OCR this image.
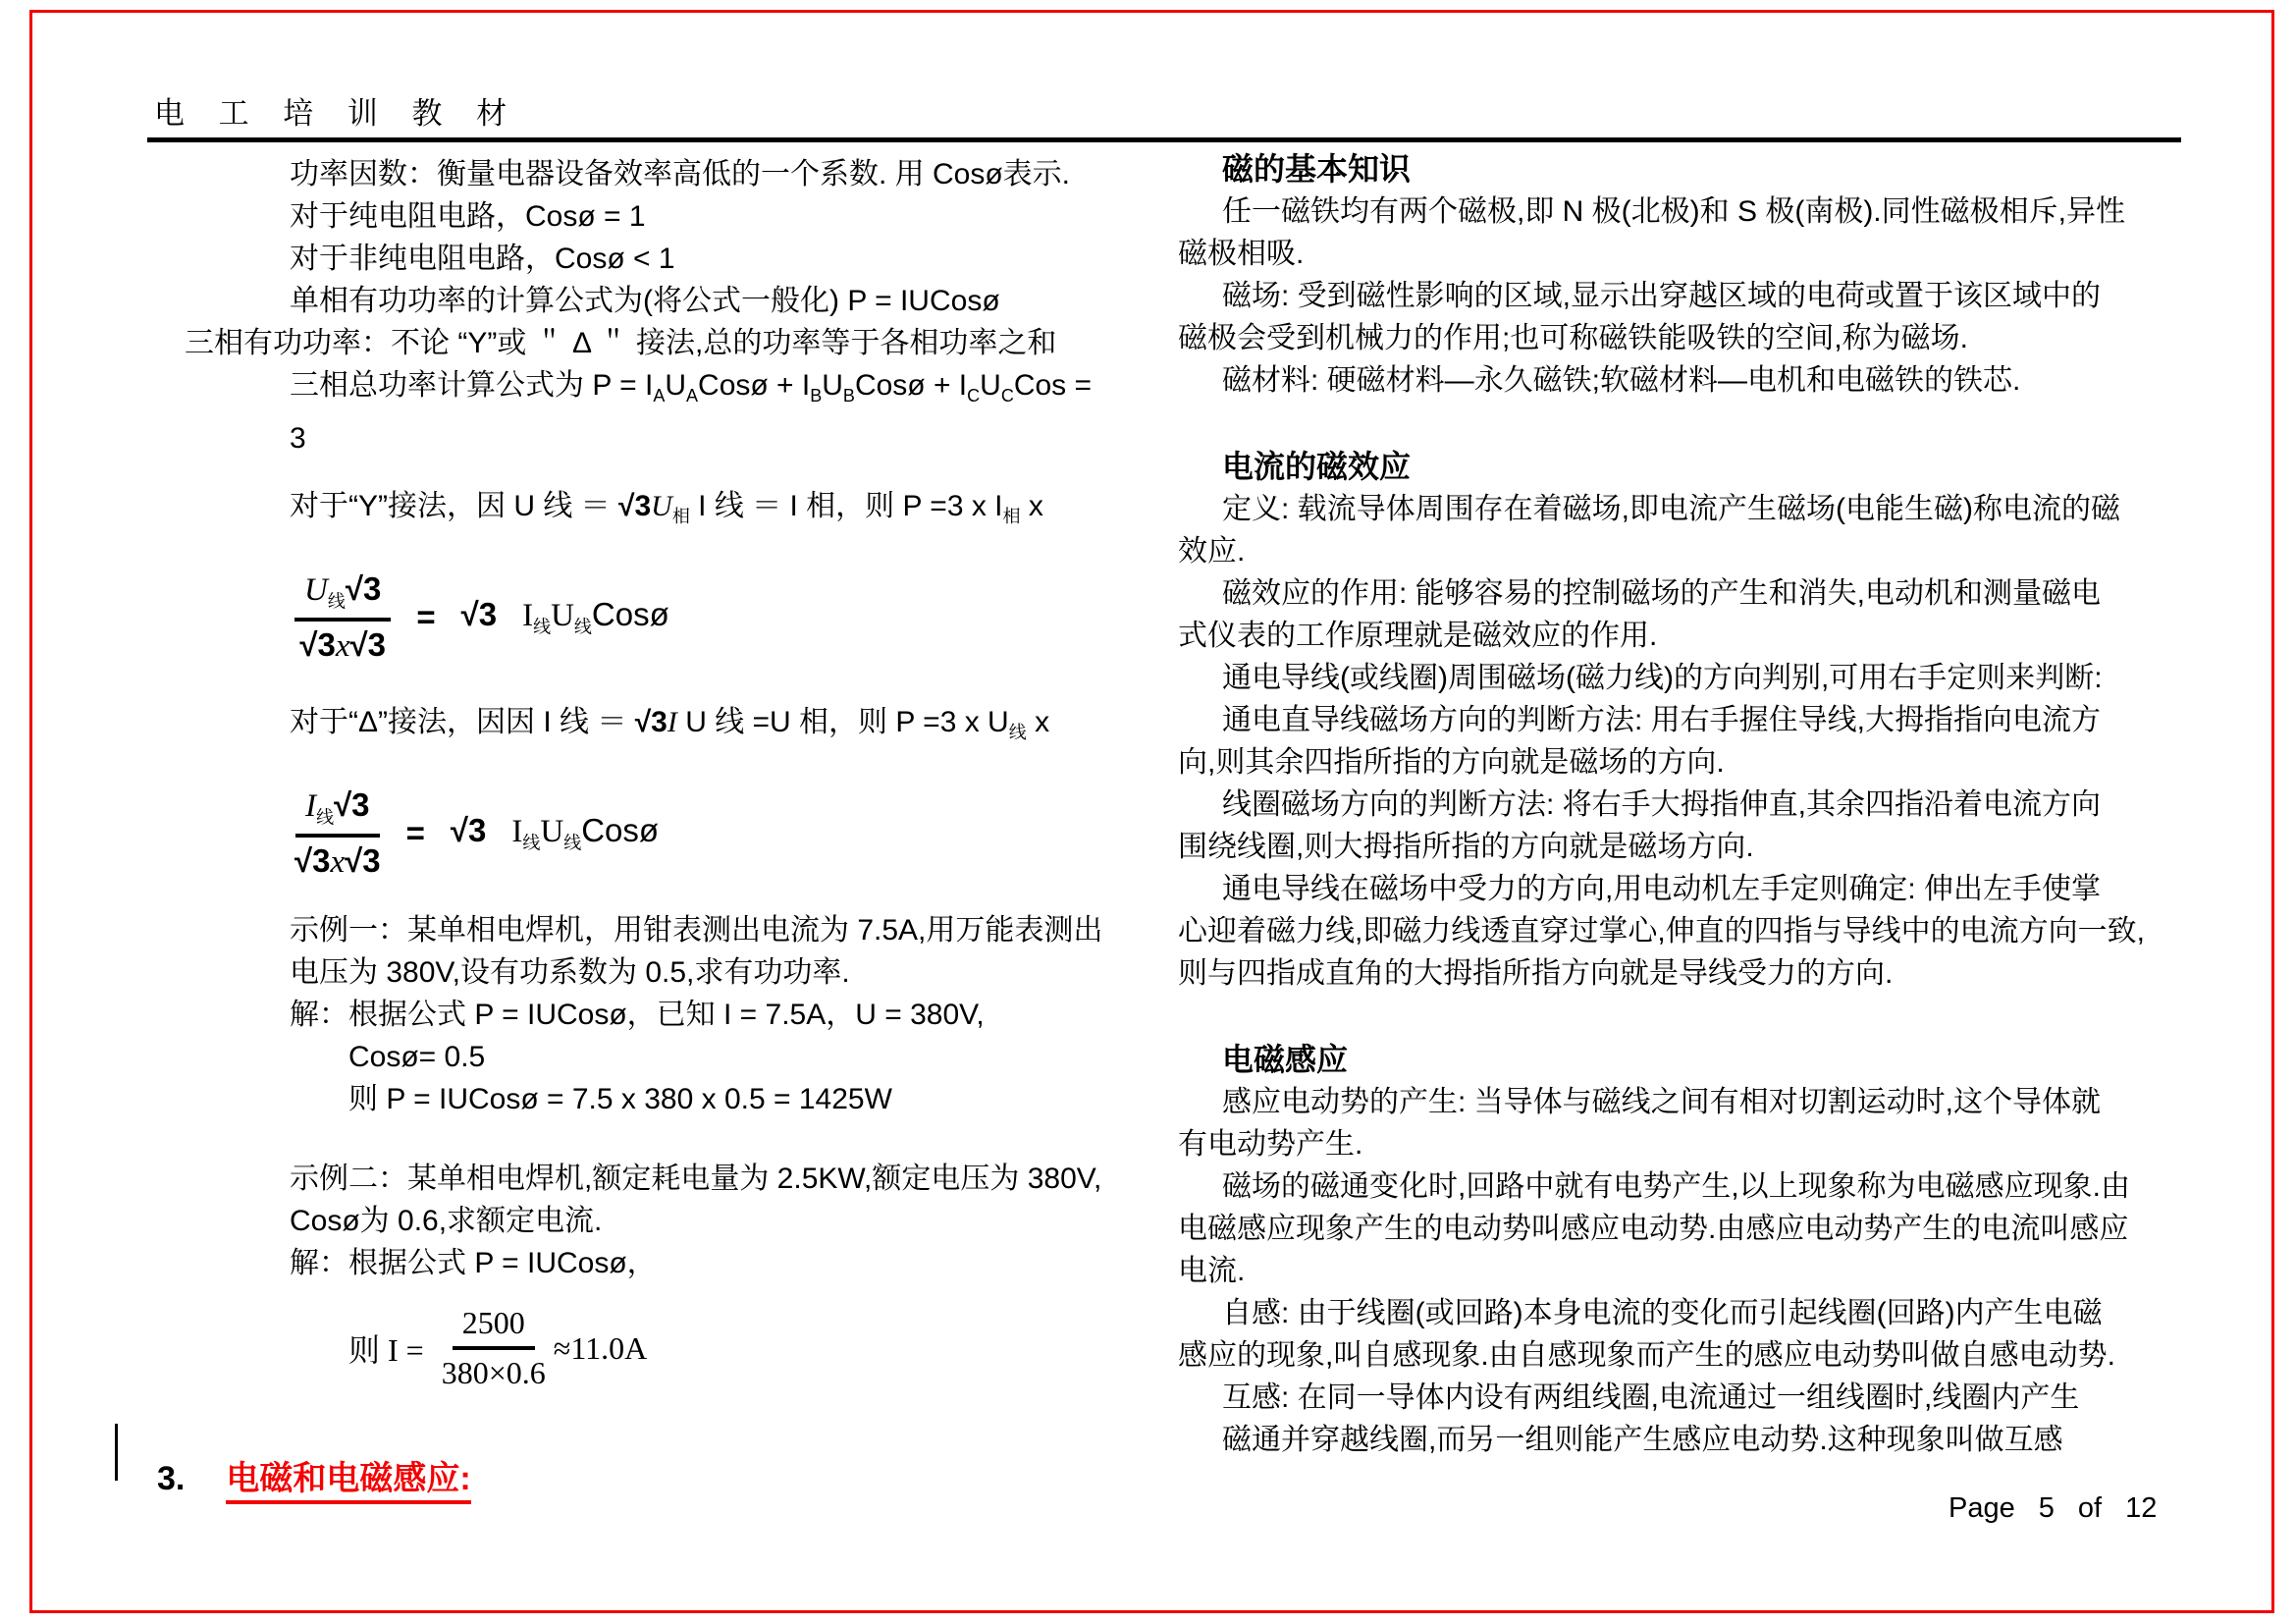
电 工 培 训 教 材
功率因数：衡量电器设备效率高低的一个系数. 用 Cosø表示.
对于纯电阻电路，Cosø = 1
对于非纯电阻电路，Cosø < 1
单相有功功率的计算公式为(将公式一般化) P = IUCosø
三相有功功率：不论 “Y”或 ＂ Δ ＂ 接法,总的功率等于各相功率之和
三相总功率计算公式为 $P = I_AU_ACosø$ + $I_BU_BCosø + I_CU_CCos$ =
3
对于“Y”接法，因 U 线 ＝ $√3U_相$ I 线 ＝ I 相，则 P =3 x $I_相$ x
$\frac{U_线√3}{√3x√3} = √3$ $I_线U_线Cosø$
对于“Δ”接法，因因 I 线 ＝ √3I U 线 =U 相，则 P =3 x $U_线$ x
$\frac{I_线√3}{√3x√3} = √3$ $I_线U_线Cosø$
示例一：某单相电焊机，用钳表测出电流为 7.5A,用万能表测出
电压为 380V,设有功系数为 0.5,求有功功率.
解：根据公式 P = IUCosø，已知 I = 7.5A，U = 380V,
Cosø= 0.5
则 P = IUCosø = 7.5 x 380 x 0.5 = 1425W
示例二：某单相电焊机,额定耗电量为 2.5KW,额定电压为 380V,
Cosø为 0.6,求额定电流.
解：根据公式 P = IUCosø，
则 $I = \frac{2500}{380\times 0.6} \approx 11.0A$
3. 电磁和电磁感应:
磁的基本知识
任一磁铁均有两个磁极,即 N 极(北极)和 S 极(南极).同性磁极相斥,异性
磁极相吸.
磁场: 受到磁性影响的区域,显示出穿越区域的电荷或置于该区域中的
磁极会受到机械力的作用;也可称磁铁能吸铁的空间,称为磁场.
磁材料: 硬磁材料—永久磁铁;软磁材料—电机和电磁铁的铁芯.
电流的磁效应
定义: 载流导体周围存在着磁场,即电流产生磁场(电能生磁)称电流的磁
效应.
磁效应的作用: 能够容易的控制磁场的产生和消失,电动机和测量磁电
式仪表的工作原理就是磁效应的作用.
通电导线(或线圈)周围磁场(磁力线)的方向判别,可用右手定则来判断:
通电直导线磁场方向的判断方法: 用右手握住导线,大拇指指向电流方
向,则其余四指所指的方向就是磁场的方向.
线圈磁场方向的判断方法: 将右手大拇指伸直,其余四指沿着电流方向
围绕线圈,则大拇指所指的方向就是磁场方向.
通电导线在磁场中受力的方向,用电动机左手定则确定: 伸出左手使掌
心迎着磁力线,即磁力线透直穿过掌心,伸直的四指与导线中的电流方向一致,
则与四指成直角的大拇指所指方向就是导线受力的方向.
电磁感应
感应电动势的产生: 当导体与磁线之间有相对切割运动时,这个导体就
有电动势产生.
磁场的磁通变化时,回路中就有电势产生,以上现象称为电磁感应现象.由
电磁感应现象产生的电动势叫感应电动势.由感应电动势产生的电流叫感应
电流.
自感: 由于线圈(或回路)本身电流的变化而引起线圈(回路)内产生电磁
感应的现象,叫自感现象.由自感现象而产生的感应电动势叫做自感电动势.
互感: 在同一导体内设有两组线圈,电流通过一组线圈时,线圈内产生
磁通并穿越线圈,而另一组则能产生感应电动势.这种现象叫做互感
Page 5 of 12
